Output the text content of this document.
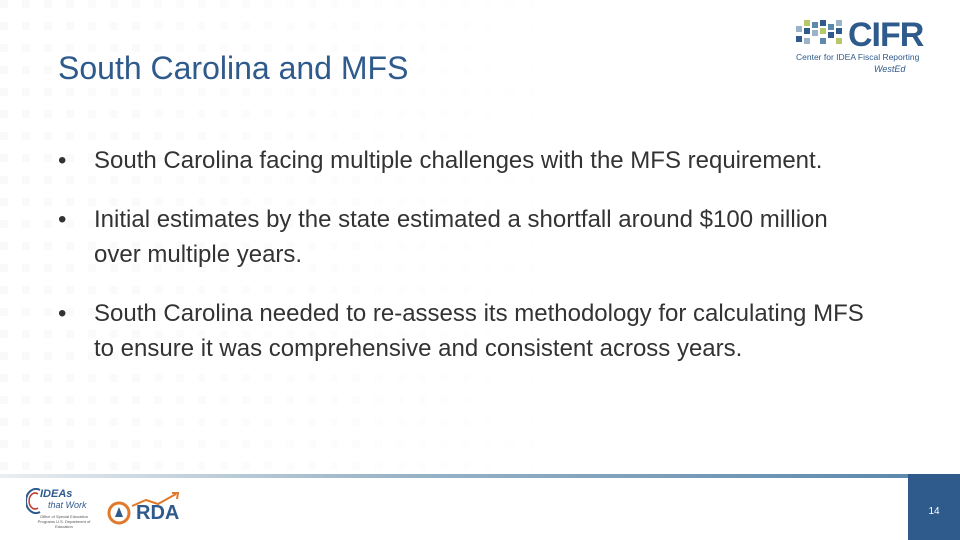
South Carolina and MFS
CIFR
Center for IDEA Fiscal Reporting
WestEd
•	South Carolina facing multiple challenges with the MFS requirement.
•	Initial estimates by the state estimated a shortfall around $100 million over multiple years.
•	South Carolina needed to re-assess its methodology for calculating MFS to ensure it was comprehensive and consistent across years.
IDEAs
that Work
Office of Special Education Programs U.S. Department of Education
RDA	14
